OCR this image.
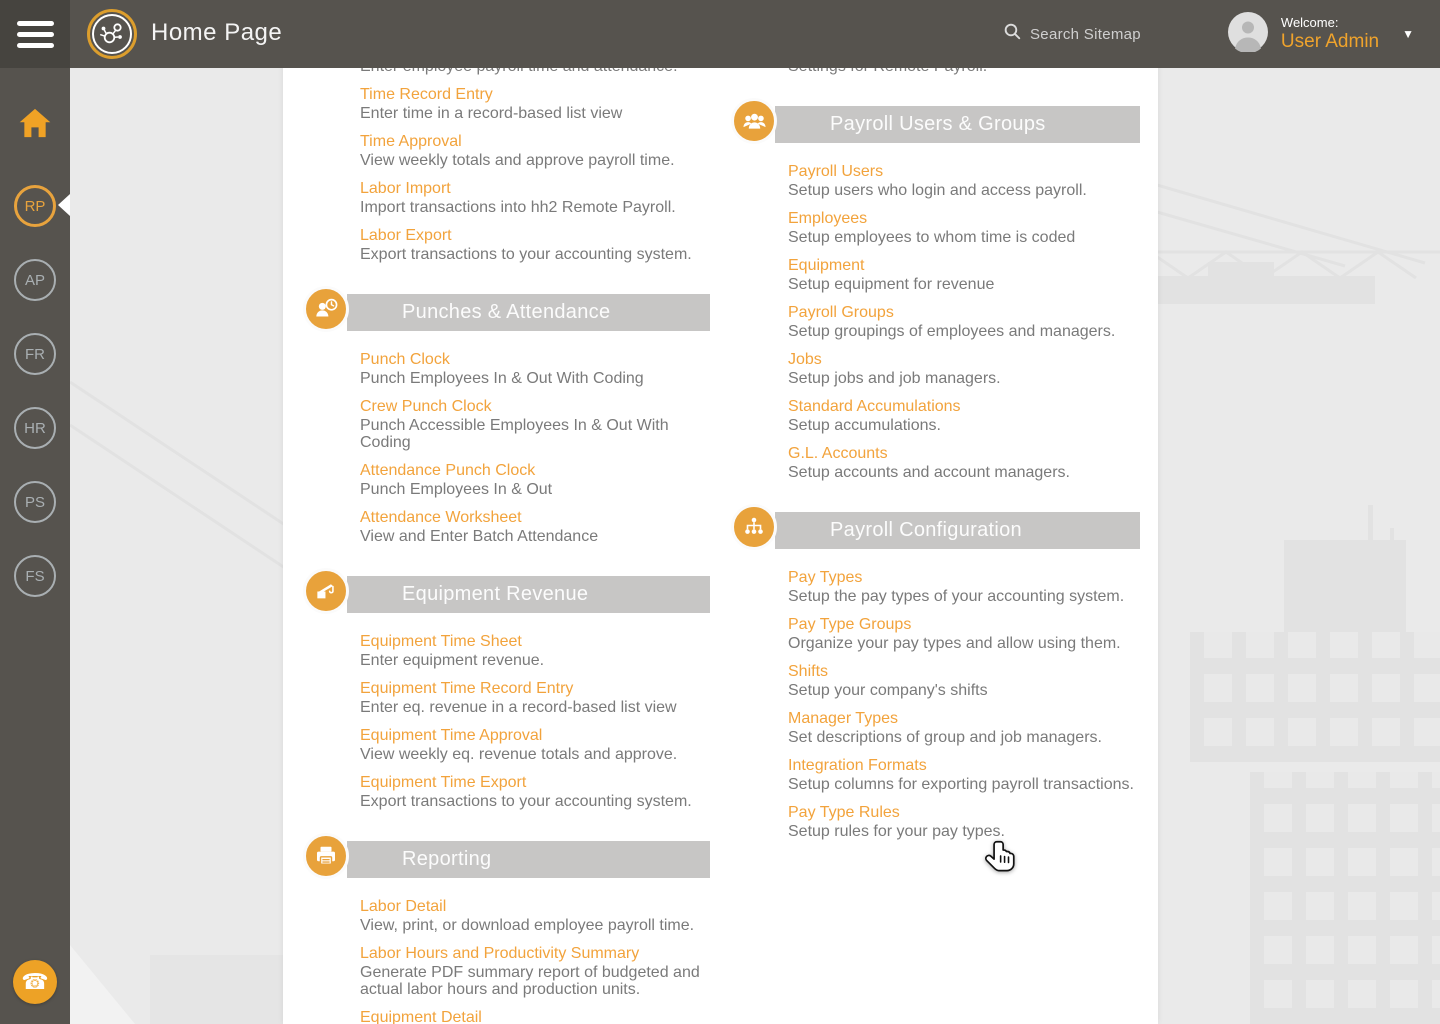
Time Record Entry
Enter time in a record-based list view
Time Approval
View weekly totals and approve payroll time.
Labor Import
Import transactions into hh2 Remote Payroll.
Labor Export
Export transactions to your accounting system.
Punches & Attendance
Punch Clock
Punch Employees In & Out With Coding
Crew Punch Clock
Punch Accessible Employees In & Out With Coding
Attendance Punch Clock
Punch Employees In & Out
Attendance Worksheet
View and Enter Batch Attendance
Equipment Revenue
Equipment Time Sheet
Enter equipment revenue.
Equipment Time Record Entry
Enter eq. revenue in a record-based list view
Equipment Time Approval
View weekly eq. revenue totals and approve.
Equipment Time Export
Export transactions to your accounting system.
Reporting
Labor Detail
View, print, or download employee payroll time.
Labor Hours and Productivity Summary
Generate PDF summary report of budgeted and actual labor hours and production units.
Equipment Detail
Payroll Users & Groups
Payroll Users
Setup users who login and access payroll.
Employees
Setup employees to whom time is coded
Equipment
Setup equipment for revenue
Payroll Groups
Setup groupings of employees and managers.
Jobs
Setup jobs and job managers.
Standard Accumulations
Setup accumulations.
G.L. Accounts
Setup accounts and account managers.
Payroll Configuration
Pay Types
Setup the pay types of your accounting system.
Pay Type Groups
Organize your pay types and allow using them.
Shifts
Setup your company's shifts
Manager Types
Set descriptions of group and job managers.
Integration Formats
Setup columns for exporting payroll transactions.
Pay Type Rules
Setup rules for your pay types.
Home Page
Search Sitemap	Welcome:
User Admin ▼
RP
AP
FR
HR
PS
FS
☎
